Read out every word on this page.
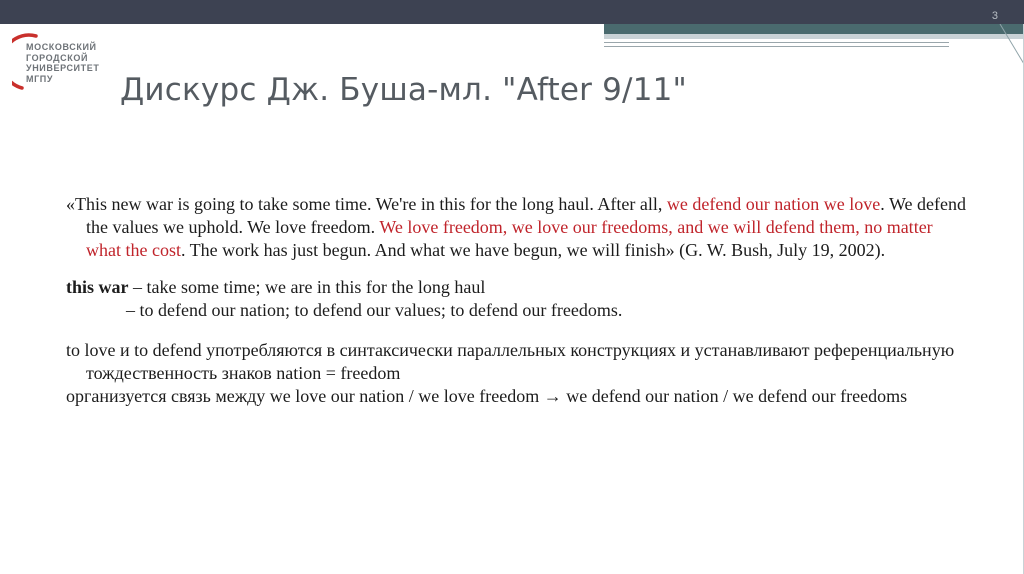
3
МОСКОВСКИЙ
ГОРОДСКОЙ
УНИВЕРСИТЕТ
МГПУ	Дискурс Дж. Буша-мл. "After 9/11"

«This new war is going to take some time. We're in this for the long haul. After all, we defend our nation we love. We defend the values we uphold. We love freedom. We love freedom, we love our freedoms, and we will defend them, no matter what the cost. The work has just begun. And what we have begun, we will finish» (G. W. Bush, July 19, 2002).

this war – take some time; we are in this for the long haul

– to defend our nation; to defend our values; to defend our freedoms.

to love и to defend употребляются в синтаксически параллельных конструкциях и устанавливают референциальную тождественность знаков nation = freedom

организуется связь между we love our nation / we love freedom → we defend our nation / we defend our freedoms
